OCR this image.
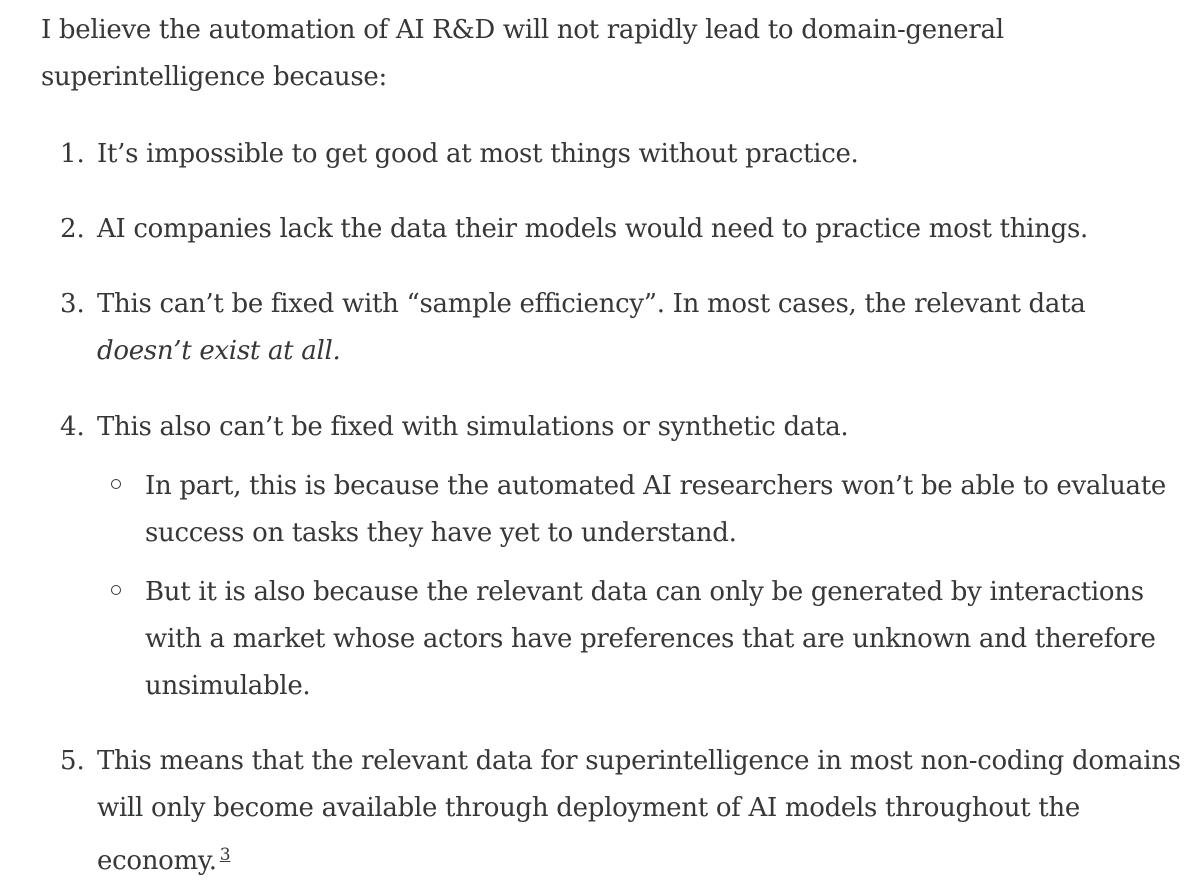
I believe the automation of AI R&D will not rapidly lead to domain-general superintelligence because:

1. It’s impossible to get good at most things without practice.
2. AI companies lack the data their models would need to practice most things.
3. This can’t be fixed with “sample efficiency”. In most cases, the relevant data doesn’t exist at all.
4. This also can’t be fixed with simulations or synthetic data.
In part, this is because the automated AI researchers won’t be able to evaluate success on tasks they have yet to understand.
But it is also because the relevant data can only be generated by interactions with a market whose actors have preferences that are unknown and therefore unsimulable.
5. This means that the relevant data for superintelligence in most non-coding domains will only become available through deployment of AI models throughout the economy. $^3$
